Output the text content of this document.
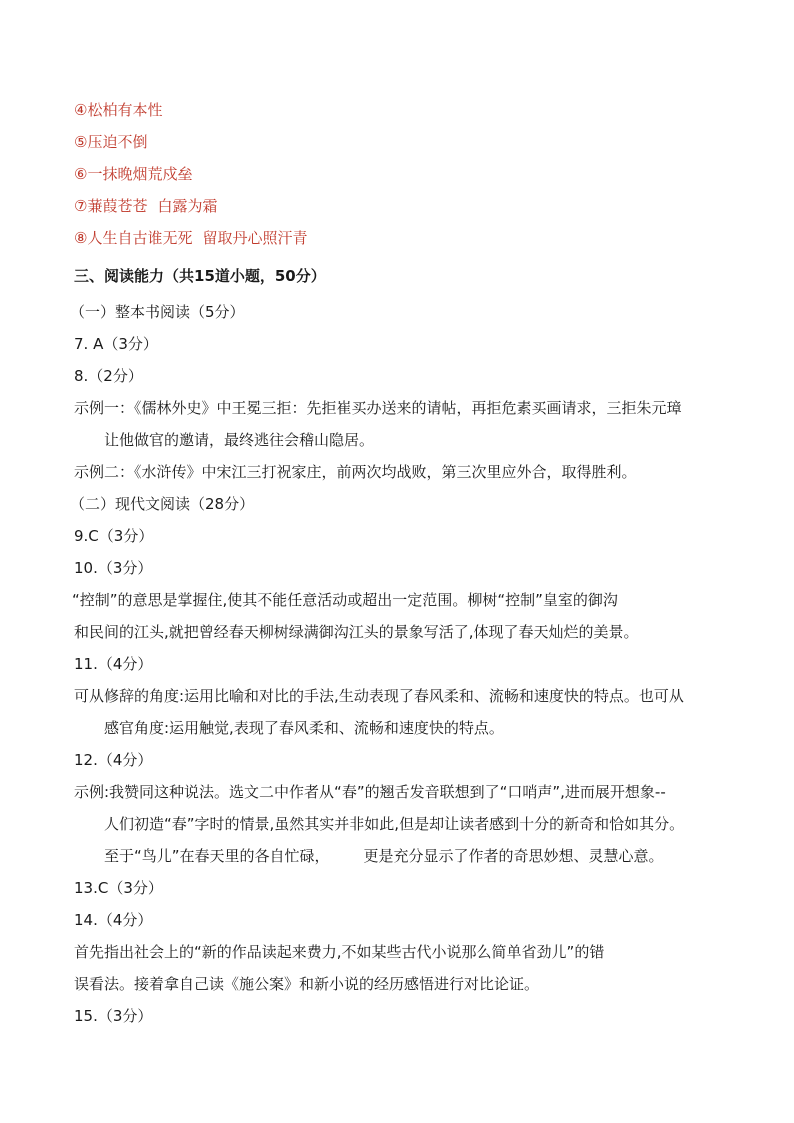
④松柏有本性
⑤压迫不倒
⑥一抹晚烟荒戍垒
⑦蒹葭苍苍 白露为霜
⑧人生自古谁无死 留取丹心照汗青
三、阅读能力（共15道小题，50分）
（一）整本书阅读（5分）
7. A（3分）
8.（2分）
示例一：《儒林外史》中王冕三拒：先拒崔买办送来的请帖，再拒危素买画请求，三拒朱元璋
让他做官的邀请，最终逃往会稽山隐居。
示例二：《水浒传》中宋江三打祝家庄，前两次均战败，第三次里应外合，取得胜利。
（二）现代文阅读（28分）
9.C（3分）
10.（3分）
“控制”的意思是掌握住,使其不能任意活动或超出一定范围。柳树“控制”皇室的御沟
和民间的江头,就把曾经春天柳树绿满御沟江头的景象写活了,体现了春天灿烂的美景。
11.（4分）
可从修辞的角度:运用比喻和对比的手法,生动表现了春风柔和、流畅和速度快的特点。也可从
感官角度:运用触觉,表现了春风柔和、流畅和速度快的特点。
12.（4分）
示例:我赞同这种说法。选文二中作者从“春”的翘舌发音联想到了“口哨声”,进而展开想象--
人们初造“春”字时的情景,虽然其实并非如此,但是却让读者感到十分的新奇和恰如其分。
至于“鸟儿”在春天里的各自忙碌， 更是充分显示了作者的奇思妙想、灵慧心意。
13.C（3分）
14.（4分）
首先指出社会上的“新的作品读起来费力,不如某些古代小说那么简单省劲儿”的错
误看法。接着拿自己读《施公案》和新小说的经历感悟进行对比论证。
15.（3分）
